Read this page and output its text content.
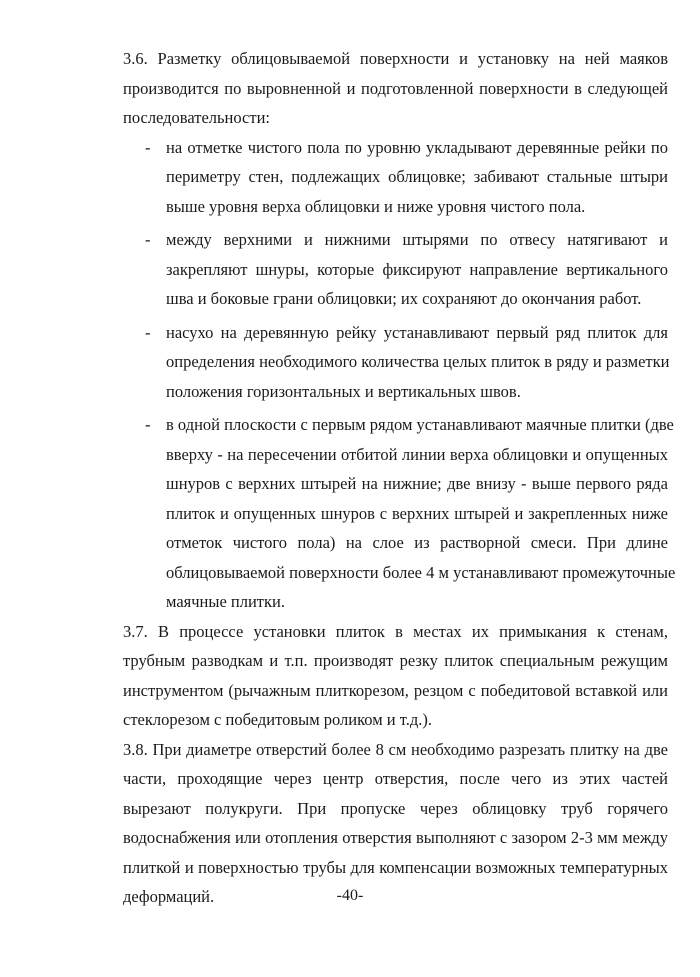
3.6. Разметку облицовываемой поверхности и установку на ней маяков
производится по выровненной и подготовленной поверхности в следующей
последовательности:

- на отметке чистого пола по уровню укладывают деревянные рейки по
периметру стен, подлежащих облицовке; забивают стальные штыри
выше уровня верха облицовки и ниже уровня чистого пола.
- между верхними и нижними штырями по отвесу натягивают и
закрепляют шнуры, которые фиксируют направление вертикального
шва и боковые грани облицовки; их сохраняют до окончания работ.
- насухо на деревянную рейку устанавливают первый ряд плиток для
определения необходимого количества целых плиток в ряду и разметки
положения горизонтальных и вертикальных швов.
- в одной плоскости с первым рядом устанавливают маячные плитки (две
вверху - на пересечении отбитой линии верха облицовки и опущенных
шнуров с верхних штырей на нижние; две внизу - выше первого ряда
плиток и опущенных шнуров с верхних штырей и закрепленных ниже
отметок чистого пола) на слое из растворной смеси. При длине
облицовываемой поверхности более 4 м устанавливают промежуточные
маячные плитки.

3.7. В процессе установки плиток в местах их примыкания к стенам,
трубным разводкам и т.п. производят резку плиток специальным режущим
инструментом (рычажным плиткорезом, резцом с победитовой вставкой или
стеклорезом с победитовым роликом и т.д.).

3.8. При диаметре отверстий более 8 см необходимо разрезать плитку на две
части, проходящие через центр отверстия, после чего из этих частей
вырезают полукруги. При пропуске через облицовку труб горячего
водоснабжения или отопления отверстия выполняют с зазором 2-3 мм между
плиткой и поверхностью трубы для компенсации возможных температурных
деформаций.	-40-
